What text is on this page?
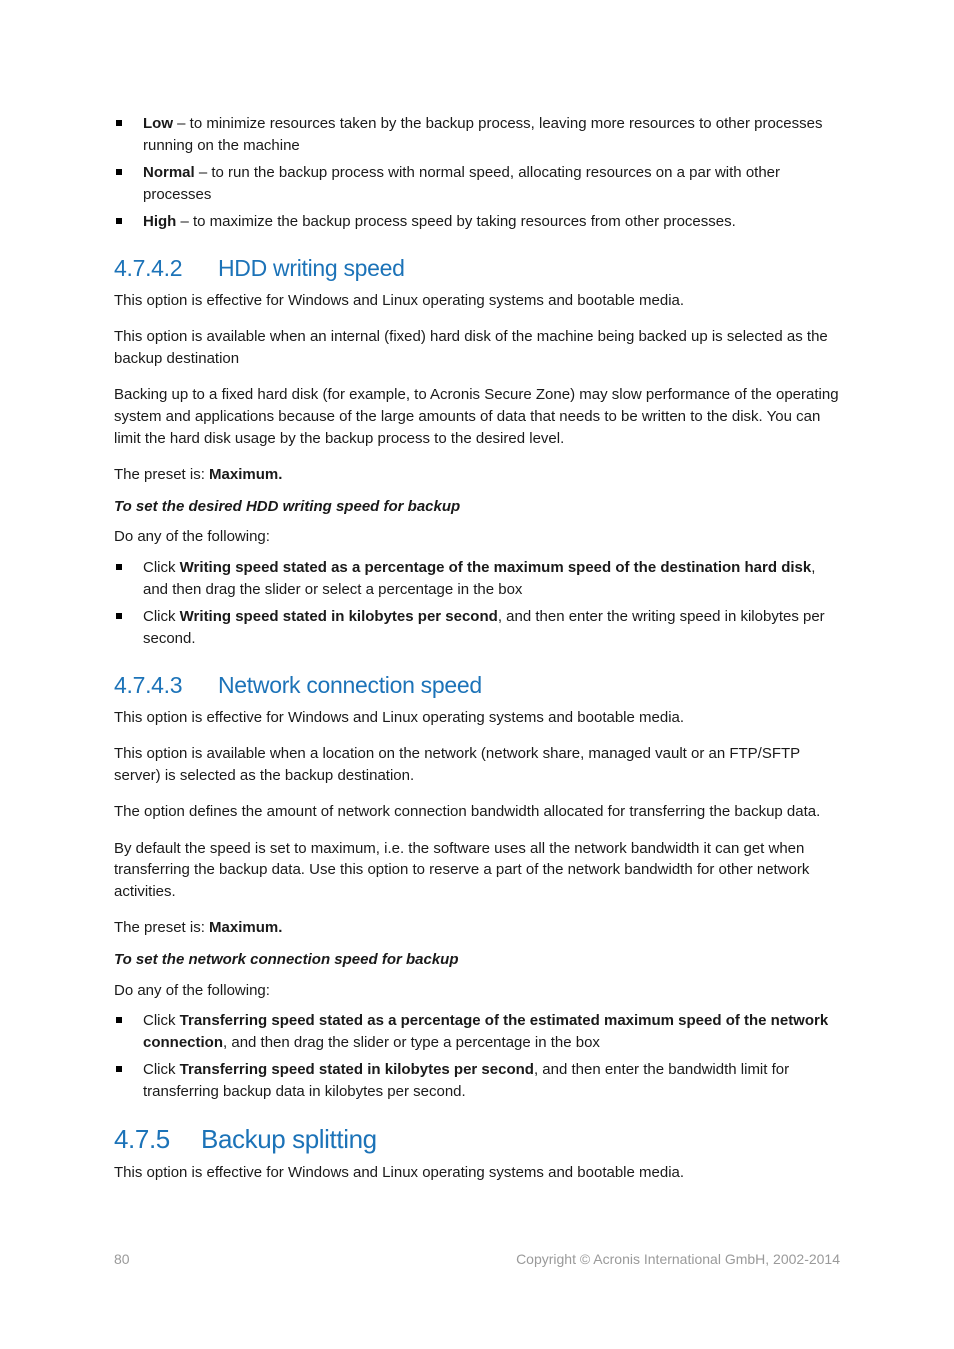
Low – to minimize resources taken by the backup process, leaving more resources to other processes running on the machine
Normal – to run the backup process with normal speed, allocating resources on a par with other processes
High – to maximize the backup process speed by taking resources from other processes.
4.7.4.2 HDD writing speed

This option is effective for Windows and Linux operating systems and bootable media.

This option is available when an internal (fixed) hard disk of the machine being backed up is selected as the backup destination

Backing up to a fixed hard disk (for example, to Acronis Secure Zone) may slow performance of the operating system and applications because of the large amounts of data that needs to be written to the disk. You can limit the hard disk usage by the backup process to the desired level.

The preset is: Maximum.

To set the desired HDD writing speed for backup

Do any of the following:

Click Writing speed stated as a percentage of the maximum speed of the destination hard disk, and then drag the slider or select a percentage in the box
Click Writing speed stated in kilobytes per second, and then enter the writing speed in kilobytes per second.
4.7.4.3 Network connection speed

This option is effective for Windows and Linux operating systems and bootable media.

This option is available when a location on the network (network share, managed vault or an FTP/SFTP server) is selected as the backup destination.

The option defines the amount of network connection bandwidth allocated for transferring the backup data.

By default the speed is set to maximum, i.e. the software uses all the network bandwidth it can get when transferring the backup data. Use this option to reserve a part of the network bandwidth for other network activities.

The preset is: Maximum.

To set the network connection speed for backup

Do any of the following:

Click Transferring speed stated as a percentage of the estimated maximum speed of the network connection, and then drag the slider or type a percentage in the box
Click Transferring speed stated in kilobytes per second, and then enter the bandwidth limit for transferring backup data in kilobytes per second.
4.7.5 Backup splitting

This option is effective for Windows and Linux operating systems and bootable media.

80	Copyright © Acronis International GmbH, 2002-2014
